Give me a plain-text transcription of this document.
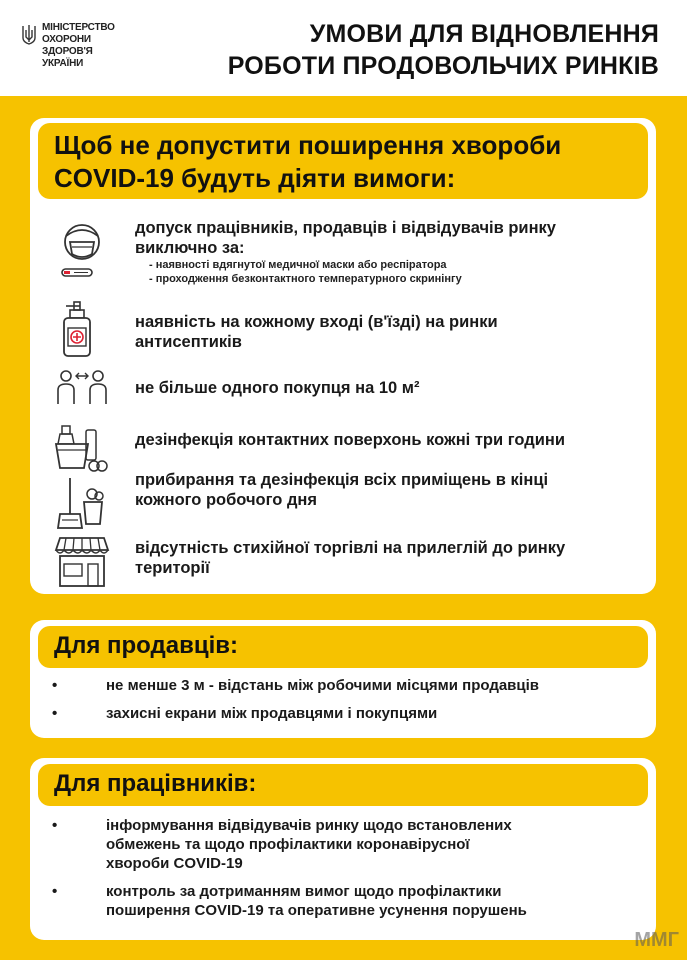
МІНІСТЕРСТВО
ОХОРОНИ
ЗДОРОВ'Я
УКРАЇНИ
УМОВИ ДЛЯ ВІДНОВЛЕННЯ
РОБОТИ ПРОДОВОЛЬЧИХ РИНКІВ
Щоб не допустити поширення хвороби
COVID-19 будуть діяти вимоги:
допуск працівників, продавців і відвідувачів ринку
виключно за:
- наявності вдягнутої медичної маски або респіратора
- проходження безконтактного температурного скринінгу
наявність на кожному вході (в'їзді) на ринки
антисептиків
не більше одного покупця на 10 м²
дезінфекція контактних поверхонь кожні три години
прибирання та дезінфекція всіх приміщень в кінці
кожного робочого дня
відсутність стихійної торгівлі на прилеглій до ринку
території
Для продавців:
•	не менше 3 м - відстань між робочими місцями продавців
•	захисні екрани між продавцями і покупцями
Для працівників:
•	інформування відвідувачів ринку щодо встановлених
обмежень та щодо профілактики коронавірусної
хвороби COVID-19
•	контроль за дотриманням вимог щодо профілактики
поширення COVID-19 та оперативне усунення порушень
ММГ
